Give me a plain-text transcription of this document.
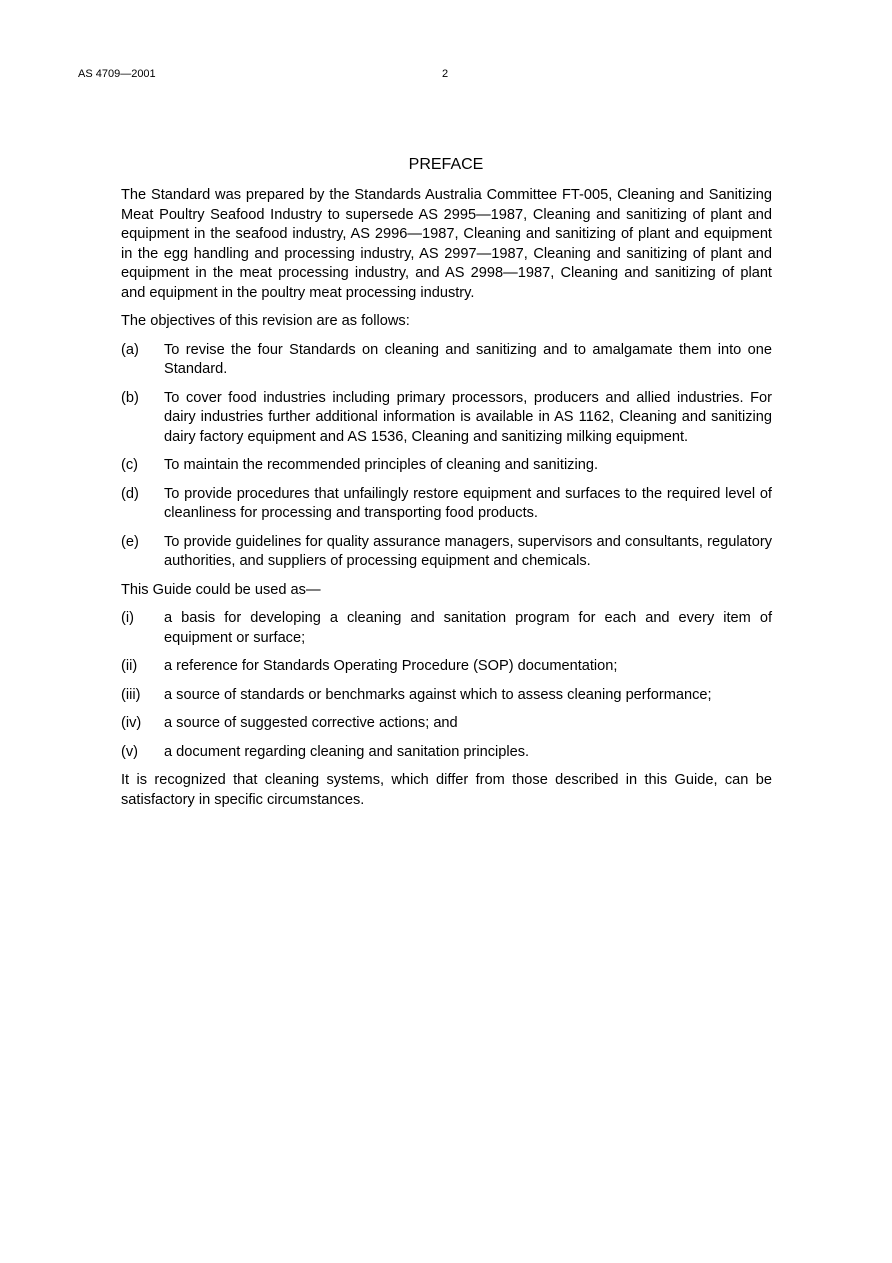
AS 4709—2001	2
PREFACE

The Standard was prepared by the Standards Australia Committee FT-005, Cleaning and Sanitizing Meat Poultry Seafood Industry to supersede AS 2995—1987, Cleaning and sanitizing of plant and equipment in the seafood industry, AS 2996—1987, Cleaning and sanitizing of plant and equipment in the egg handling and processing industry, AS 2997—1987, Cleaning and sanitizing of plant and equipment in the meat processing industry, and AS 2998—1987, Cleaning and sanitizing of plant and equipment in the poultry meat processing industry.

The objectives of this revision are as follows:

(a)	To revise the four Standards on cleaning and sanitizing and to amalgamate them into one Standard.
(b)	To cover food industries including primary processors, producers and allied industries. For dairy industries further additional information is available in AS 1162, Cleaning and sanitizing dairy factory equipment and AS 1536, Cleaning and sanitizing milking equipment.
(c)	To maintain the recommended principles of cleaning and sanitizing.
(d)	To provide procedures that unfailingly restore equipment and surfaces to the required level of cleanliness for processing and transporting food products.
(e)	To provide guidelines for quality assurance managers, supervisors and consultants, regulatory authorities, and suppliers of processing equipment and chemicals.

This Guide could be used as—

(i)	a basis for developing a cleaning and sanitation program for each and every item of equipment or surface;
(ii)	a reference for Standards Operating Procedure (SOP) documentation;
(iii)	a source of standards or benchmarks against which to assess cleaning performance;
(iv)	a source of suggested corrective actions; and
(v)	a document regarding cleaning and sanitation principles.

It is recognized that cleaning systems, which differ from those described in this Guide, can be satisfactory in specific circumstances.
